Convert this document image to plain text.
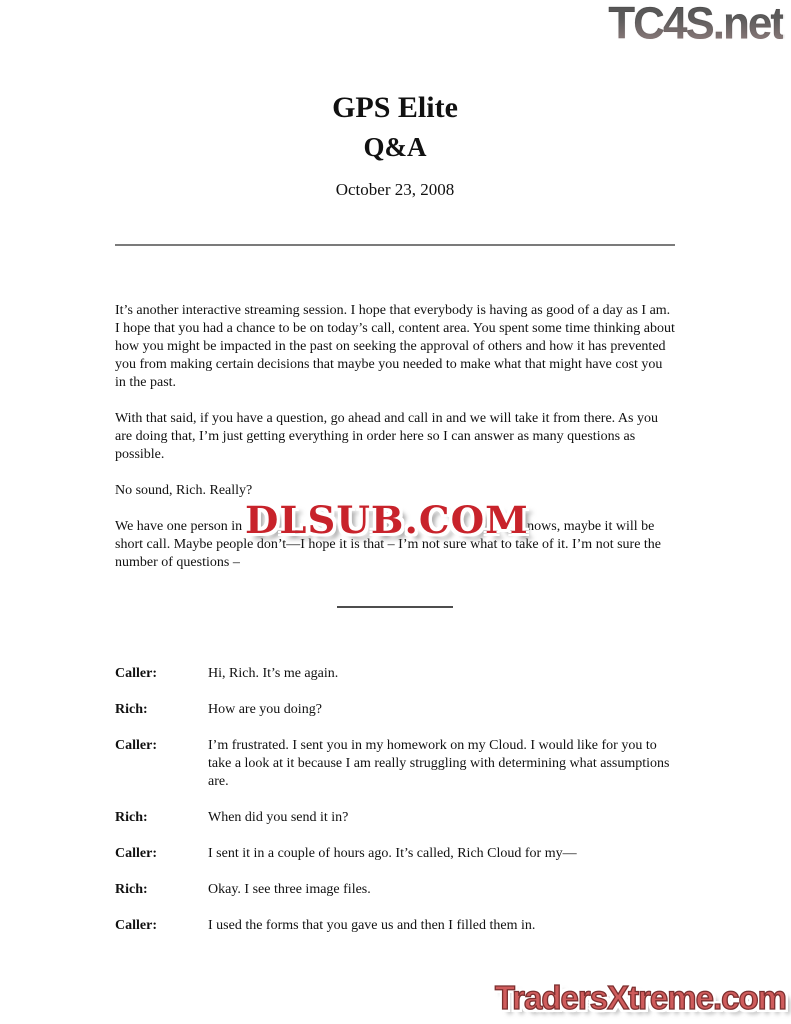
TC4S.net
GPS Elite
Q&A
October 23, 2008

It’s another interactive streaming session. I hope that everybody is having as good of a day as I am. I hope that you had a chance to be on today’s call, content area. You spent some time thinking about how you might be impacted in the past on seeking the approval of others and how it has prevented you from making certain decisions that maybe you needed to make what that might have cost you in the past.

With that said, if you have a question, go ahead and call in and we will take it from there. As you are doing that, I’m just getting everything in order here so I can answer as many questions as possible.

No sound, Rich. Really?

We have one person in	nows, maybe it will be short call. Maybe people don’t—I hope it is that – I’m not sure what to take of it. I’m not sure the number of questions –
DLSUB.COM

Caller:	Hi, Rich. It’s me again.
Rich:	How are you doing?
Caller:	I’m frustrated. I sent you in my homework on my Cloud. I would like for you to take a look at it because I am really struggling with determining what assumptions are.
Rich:	When did you send it in?
Caller:	I sent it in a couple of hours ago. It’s called, Rich Cloud for my—
Rich:	Okay. I see three image files.
Caller:	I used the forms that you gave us and then I filled them in.
TradersXtreme.com
